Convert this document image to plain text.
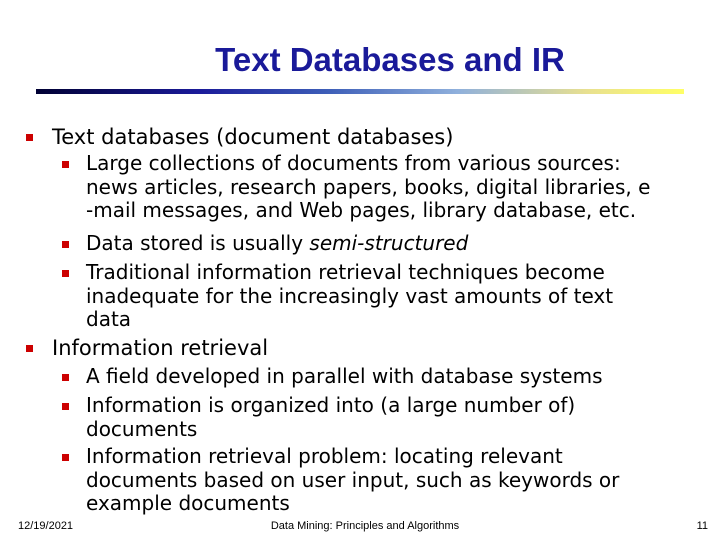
Text Databases and IR
Text databases (document databases)
Large collections of documents from various sources:
news articles, research papers, books, digital libraries, e
-mail messages, and Web pages, library database, etc.
Data stored is usually semi-structured
Traditional information retrieval techniques become
inadequate for the increasingly vast amounts of text
data
Information retrieval
A field developed in parallel with database systems
Information is organized into (a large number of)
documents
Information retrieval problem: locating relevant
documents based on user input, such as keywords or
example documents
12/19/2021	Data Mining: Principles and Algorithms	11
